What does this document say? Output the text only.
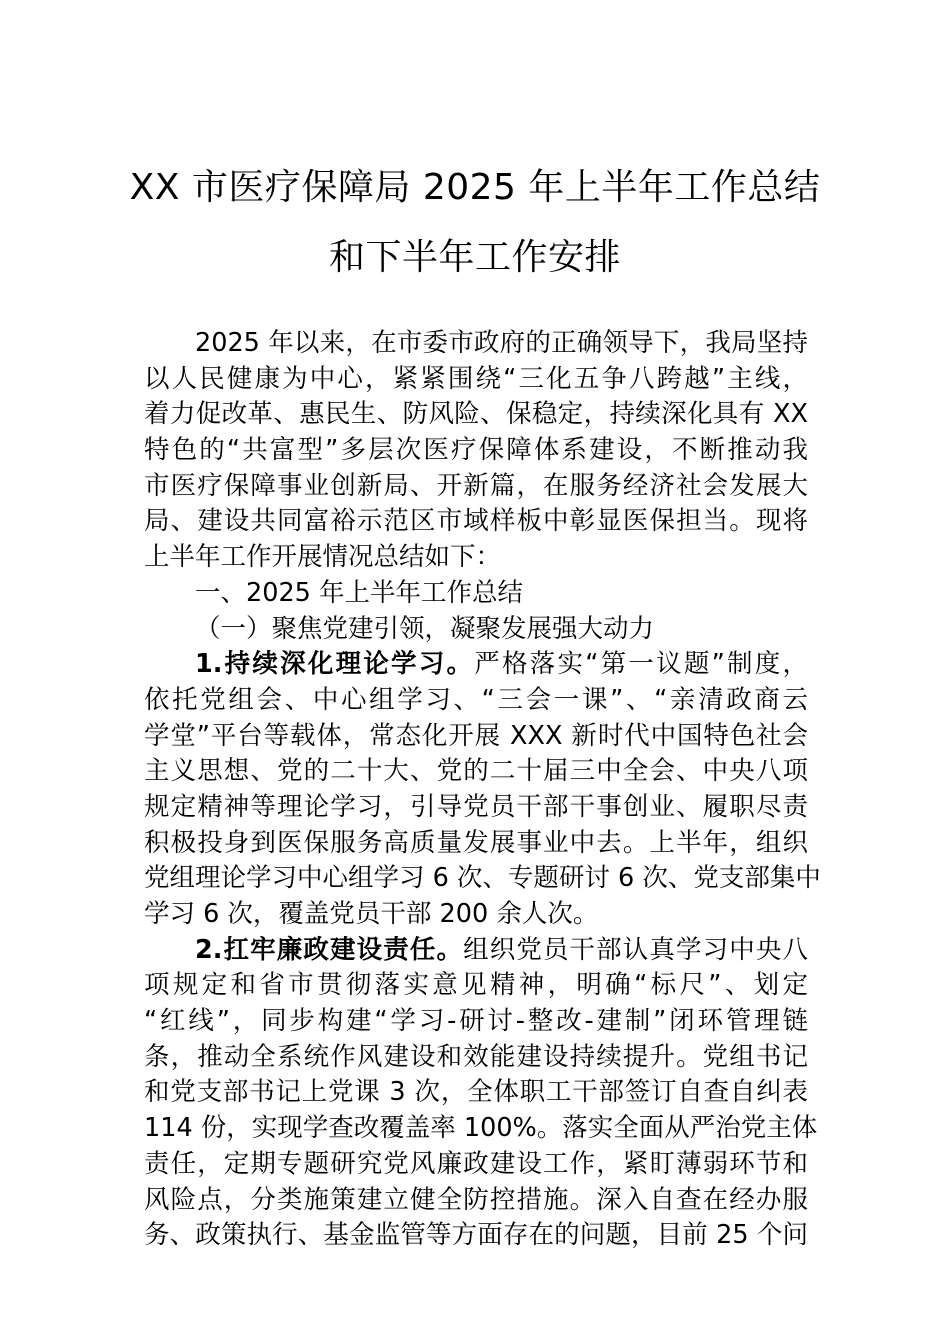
XX 市医疗保障局 2025 年上半年工作总结
和下半年工作安排
2025 年以来，在市委市政府的正确领导下，我局坚持
以人民健康为中心，紧紧围绕“三化五争八跨越”主线，
着力促改革、惠民生、防风险、保稳定，持续深化具有 XX
特色的“共富型”多层次医疗保障体系建设，不断推动我
市医疗保障事业创新局、开新篇，在服务经济社会发展大
局、建设共同富裕示范区市域样板中彰显医保担当。现将
上半年工作开展情况总结如下：
一、2025 年上半年工作总结
（一）聚焦党建引领，凝聚发展强大动力
1.持续深化理论学习。严格落实“第一议题”制度，
依托党组会、中心组学习、“三会一课”、“亲清政商云
学堂”平台等载体，常态化开展 XXX 新时代中国特色社会
主义思想、党的二十大、党的二十届三中全会、中央八项
规定精神等理论学习，引导党员干部干事创业、履职尽责
积极投身到医保服务高质量发展事业中去。上半年，组织
党组理论学习中心组学习 6 次、专题研讨 6 次、党支部集中
学习 6 次，覆盖党员干部 200 余人次。
2.扛牢廉政建设责任。组织党员干部认真学习中央八
项规定和省市贯彻落实意见精神，明确“标尺”、划定
“红线”，同步构建“学习-研讨-整改-建制”闭环管理链
条，推动全系统作风建设和效能建设持续提升。党组书记
和党支部书记上党课 3 次，全体职工干部签订自查自纠表
114 份，实现学查改覆盖率 100%。落实全面从严治党主体
责任，定期专题研究党风廉政建设工作，紧盯薄弱环节和
风险点，分类施策建立健全防控措施。深入自查在经办服
务、政策执行、基金监管等方面存在的问题，目前 25 个问
